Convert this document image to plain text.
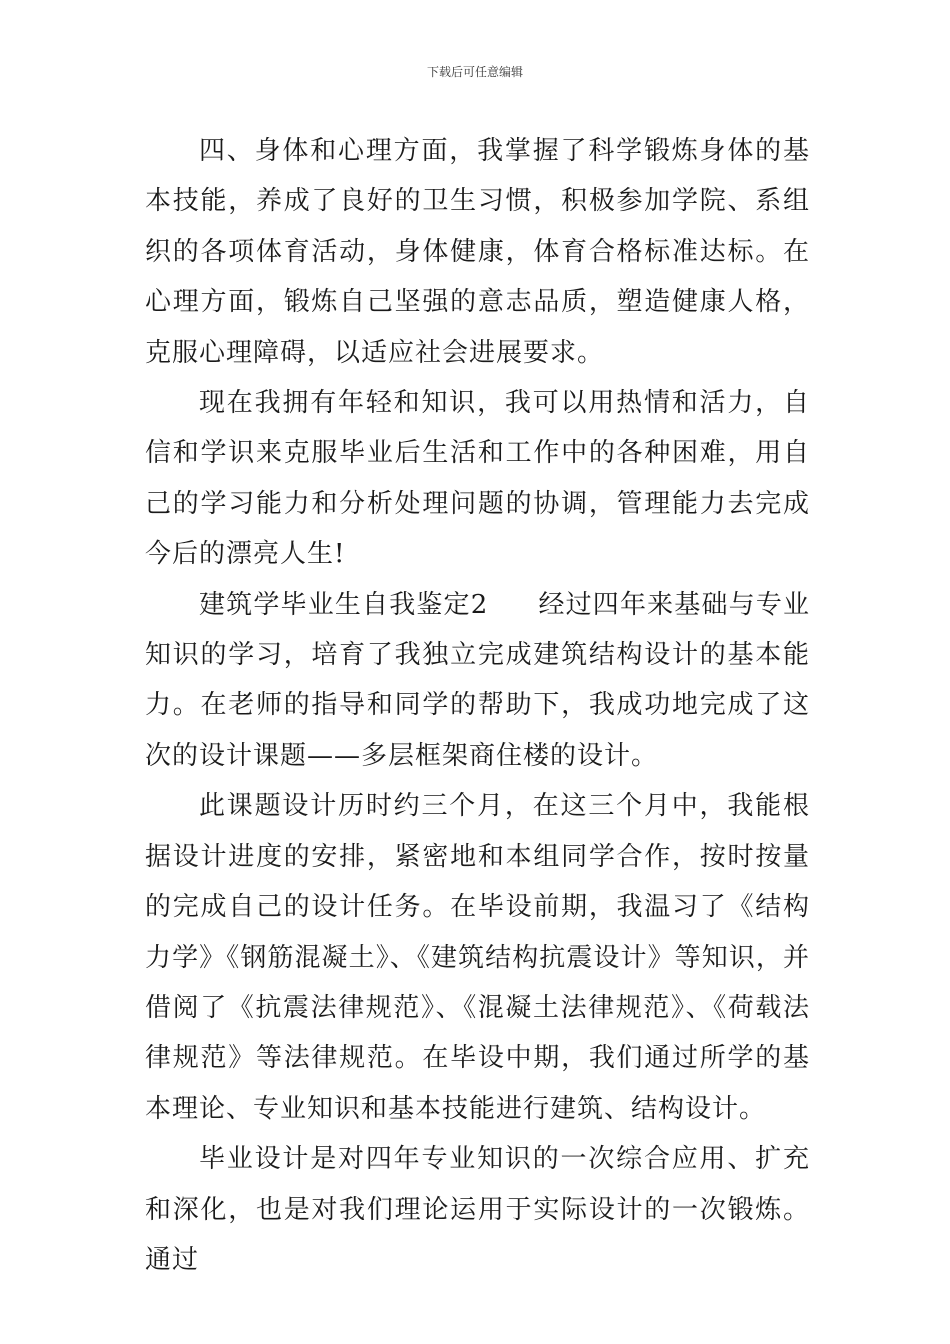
下载后可任意编辑

四、身体和心理方面，我掌握了科学锻炼身体的基本技能，养成了良好的卫生习惯，积极参加学院、系组织的各项体育活动，身体健康，体育合格标准达标。在心理方面，锻炼自己坚强的意志品质，塑造健康人格，克服心理障碍，以适应社会进展要求。

现在我拥有年轻和知识，我可以用热情和活力，自信和学识来克服毕业后生活和工作中的各种困难，用自己的学习能力和分析处理问题的协调，管理能力去完成今后的漂亮人生!

建筑学毕业生自我鉴定2 经过四年来基础与专业知识的学习，培育了我独立完成建筑结构设计的基本能力。在老师的指导和同学的帮助下，我成功地完成了这次的设计课题——多层框架商住楼的设计。

此课题设计历时约三个月，在这三个月中，我能根据设计进度的安排，紧密地和本组同学合作，按时按量的完成自己的设计任务。在毕设前期，我温习了《结构力学》《钢筋混凝土》、《建筑结构抗震设计》等知识，并借阅了《抗震法律规范》、《混凝土法律规范》、《荷载法律规范》等法律规范。在毕设中期，我们通过所学的基本理论、专业知识和基本技能进行建筑、结构设计。

毕业设计是对四年专业知识的一次综合应用、扩充和深化，也是对我们理论运用于实际设计的一次锻炼。通过
